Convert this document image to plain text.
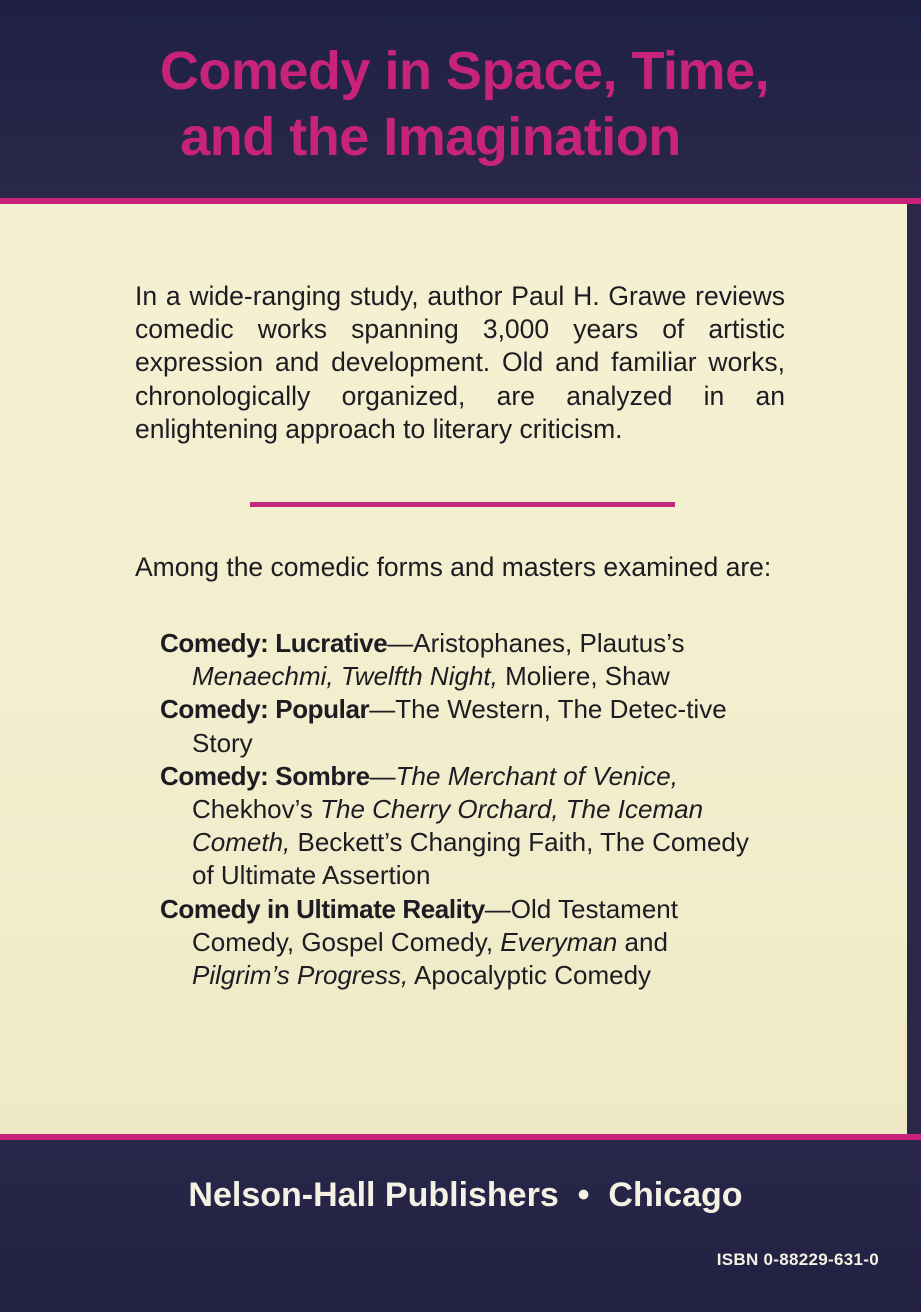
Comedy in Space, Time,
and the Imagination

In a wide-ranging study, author Paul H. Grawe reviews comedic works spanning 3,000 years of artistic expression and development. Old and familiar works, chronologically organized, are analyzed in an enlightening approach to literary criticism.

Among the comedic forms and masters examined are:

Comedy: Lucrative—Aristophanes, Plautus’s Menaechmi, Twelfth Night, Moliere, Shaw
Comedy: Popular—The Western, The Detec-tive Story
Comedy: Sombre—The Merchant of Venice, Chekhov’s The Cherry Orchard, The Iceman Cometh, Beckett’s Changing Faith, The Comedy of Ultimate Assertion
Comedy in Ultimate Reality—Old Testament Comedy, Gospel Comedy, Everyman and Pilgrim’s Progress, Apocalyptic Comedy

Nelson-Hall Publishers  •  Chicago

ISBN 0-88229-631-0
